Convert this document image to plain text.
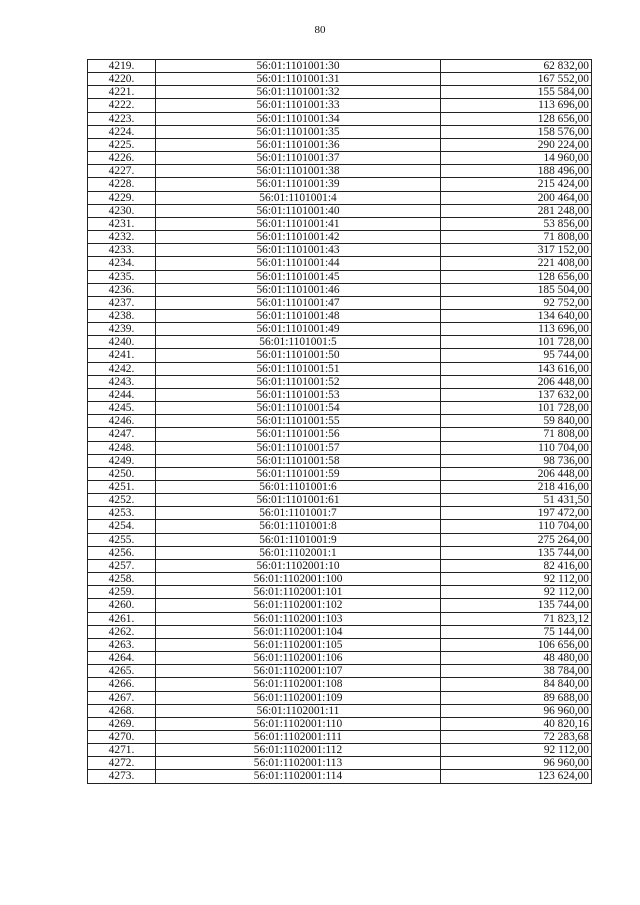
80
4219.	56:01:1101001:30	62 832,00
4220.	56:01:1101001:31	167 552,00
4221.	56:01:1101001:32	155 584,00
4222.	56:01:1101001:33	113 696,00
4223.	56:01:1101001:34	128 656,00
4224.	56:01:1101001:35	158 576,00
4225.	56:01:1101001:36	290 224,00
4226.	56:01:1101001:37	14 960,00
4227.	56:01:1101001:38	188 496,00
4228.	56:01:1101001:39	215 424,00
4229.	56:01:1101001:4	200 464,00
4230.	56:01:1101001:40	281 248,00
4231.	56:01:1101001:41	53 856,00
4232.	56:01:1101001:42	71 808,00
4233.	56:01:1101001:43	317 152,00
4234.	56:01:1101001:44	221 408,00
4235.	56:01:1101001:45	128 656,00
4236.	56:01:1101001:46	185 504,00
4237.	56:01:1101001:47	92 752,00
4238.	56:01:1101001:48	134 640,00
4239.	56:01:1101001:49	113 696,00
4240.	56:01:1101001:5	101 728,00
4241.	56:01:1101001:50	95 744,00
4242.	56:01:1101001:51	143 616,00
4243.	56:01:1101001:52	206 448,00
4244.	56:01:1101001:53	137 632,00
4245.	56:01:1101001:54	101 728,00
4246.	56:01:1101001:55	59 840,00
4247.	56:01:1101001:56	71 808,00
4248.	56:01:1101001:57	110 704,00
4249.	56:01:1101001:58	98 736,00
4250.	56:01:1101001:59	206 448,00
4251.	56:01:1101001:6	218 416,00
4252.	56:01:1101001:61	51 431,50
4253.	56:01:1101001:7	197 472,00
4254.	56:01:1101001:8	110 704,00
4255.	56:01:1101001:9	275 264,00
4256.	56:01:1102001:1	135 744,00
4257.	56:01:1102001:10	82 416,00
4258.	56:01:1102001:100	92 112,00
4259.	56:01:1102001:101	92 112,00
4260.	56:01:1102001:102	135 744,00
4261.	56:01:1102001:103	71 823,12
4262.	56:01:1102001:104	75 144,00
4263.	56:01:1102001:105	106 656,00
4264.	56:01:1102001:106	48 480,00
4265.	56:01:1102001:107	38 784,00
4266.	56:01:1102001:108	84 840,00
4267.	56:01:1102001:109	89 688,00
4268.	56:01:1102001:11	96 960,00
4269.	56:01:1102001:110	40 820,16
4270.	56:01:1102001:111	72 283,68
4271.	56:01:1102001:112	92 112,00
4272.	56:01:1102001:113	96 960,00
4273.	56:01:1102001:114	123 624,00
